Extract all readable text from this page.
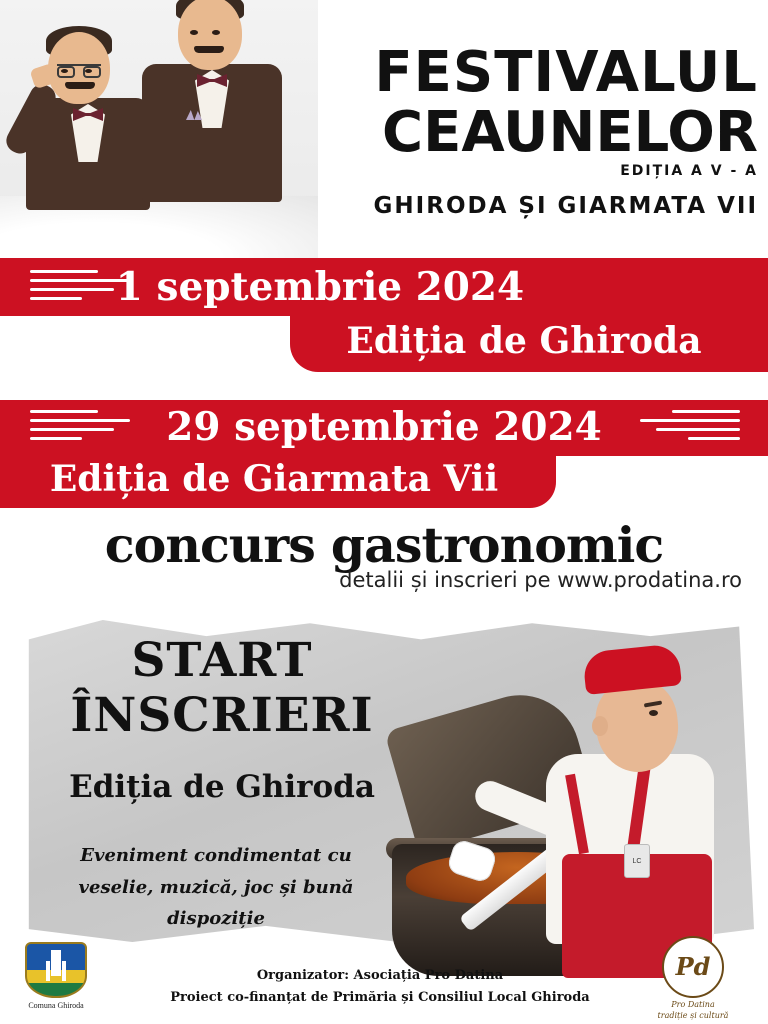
FESTIVALUL
CEAUNELOR
EDIȚIA A V - A
GHIRODA ȘI GIARMATA VII
1 septembrie 2024
Ediția de Ghiroda
29 septembrie 2024
Ediția de Giarmata Vii
concurs gastronomic
detalii și inscrieri pe www.prodatina.ro
LC
START
ÎNSCRIERI
Ediția de Ghiroda
Eveniment condimentat cu
veselie, muzică, joc și bună dispoziție
Comuna Ghiroda
Organizator: Asociația Pro Datina
Proiect co-finanțat de Primăria și Consiliul Local Ghiroda
Pd
Pro Datina
tradiție și cultură
